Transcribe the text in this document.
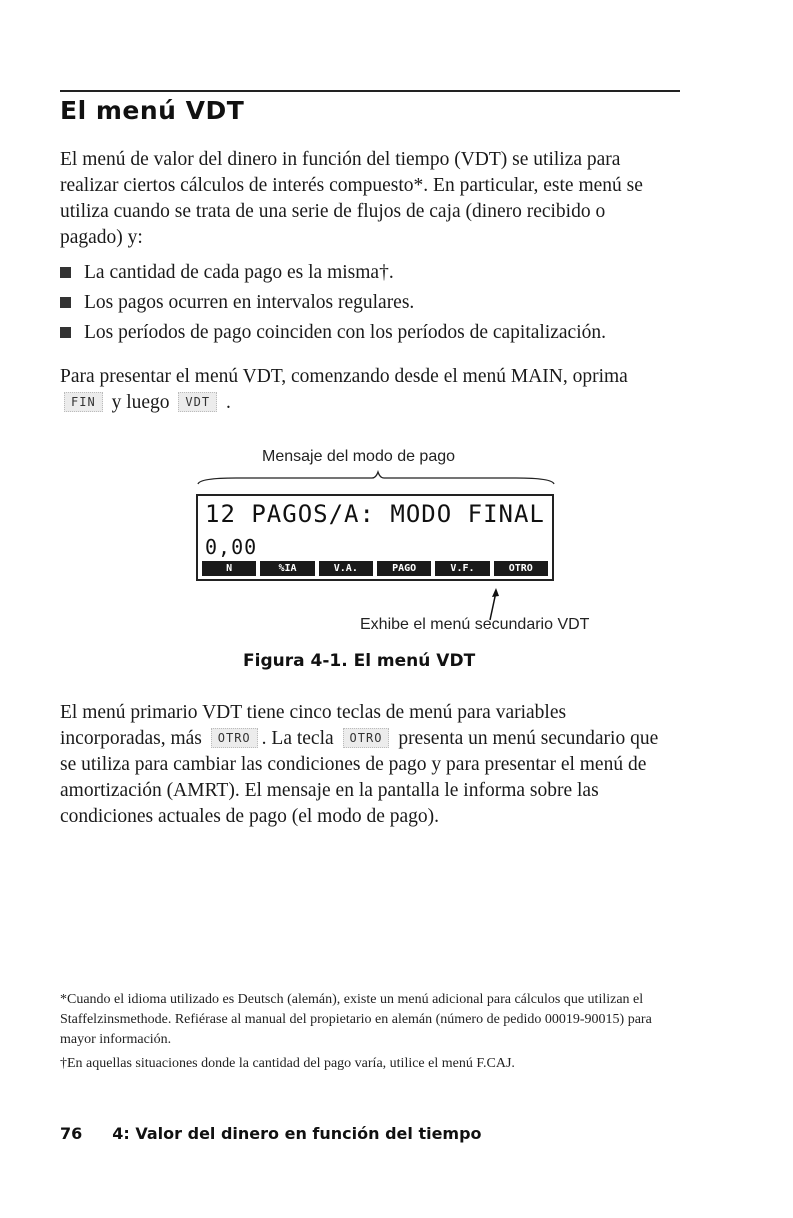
El menú VDT

El menú de valor del dinero in función del tiempo (VDT) se utiliza para realizar ciertos cálculos de interés compuesto*. En particular, este menú se utiliza cuando se trata de una serie de flujos de caja (dinero recibido o pagado) y:

La cantidad de cada pago es la misma†.
Los pagos ocurren en intervalos regulares.
Los períodos de pago coinciden con los períodos de capitalización.

Para presentar el menú VDT, comenzando desde el menú MAIN, oprima FIN y luego VDT .

Mensaje del modo de pago
12 PAGOS/A: MODO FINAL
0,00
N	%IA	V.A.	PAGO	V.F.	OTRO
Exhibe el menú secundario VDT
Figura 4-1. El menú VDT

El menú primario VDT tiene cinco teclas de menú para variables incorporadas, más OTRO . La tecla OTRO presenta un menú secundario que se utiliza para cambiar las condiciones de pago y para presentar el menú de amortización (AMRT). El mensaje en la pantalla le informa sobre las condiciones actuales de pago (el modo de pago).

*Cuando el idioma utilizado es Deutsch (alemán), existe un menú adicional para cálculos que utilizan el Staffelzinsmethode. Refiérase al manual del propietario en alemán (número de pedido 00019-90015) para mayor información.

†En aquellas situaciones donde la cantidad del pago varía, utilice el menú F.CAJ.

76 4: Valor del dinero en función del tiempo
